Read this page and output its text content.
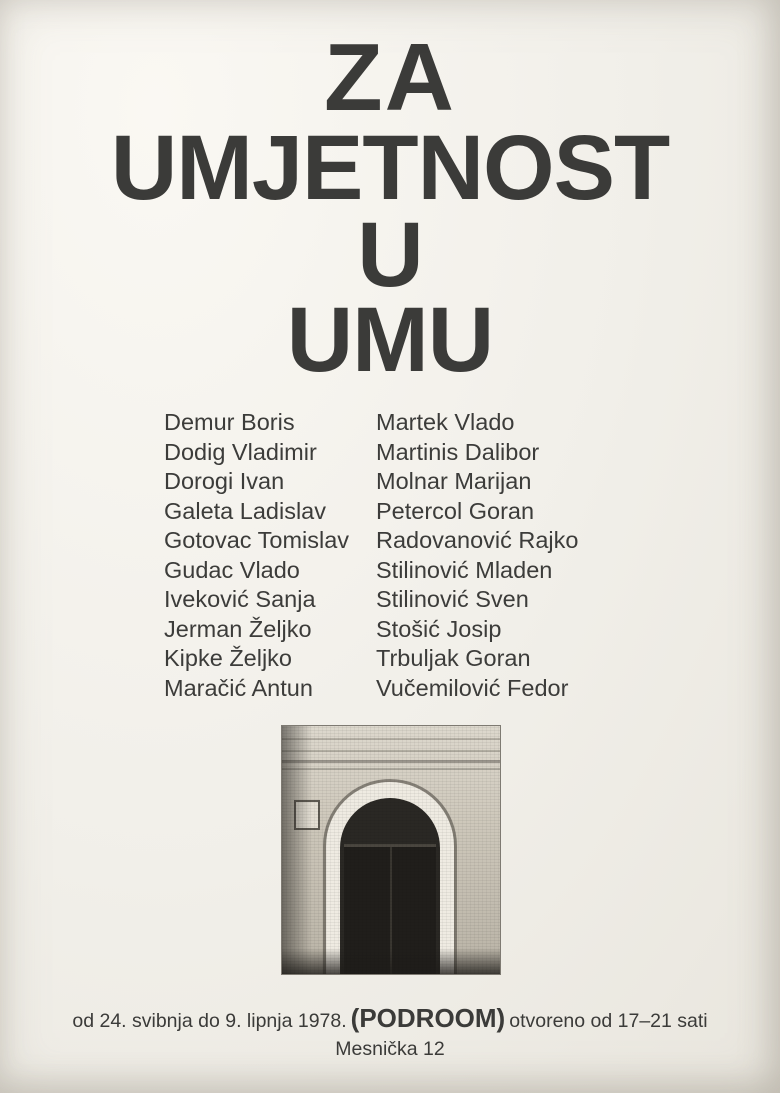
ZA
UMJETNOST
U
UMU
Demur Boris
Dodig Vladimir
Dorogi Ivan
Galeta Ladislav
Gotovac Tomislav
Gudac Vlado
Iveković Sanja
Jerman Željko
Kipke Željko
Maračić Antun
Martek Vlado
Martinis Dalibor
Molnar Marijan
Petercol Goran
Radovanović Rajko
Stilinović Mladen
Stilinović Sven
Stošić Josip
Trbuljak Goran
Vučemilović Fedor
od 24. svibnja do 9. lipnja 1978. (PODROOM) otvoreno od 17–21 sati
Mesnička 12
